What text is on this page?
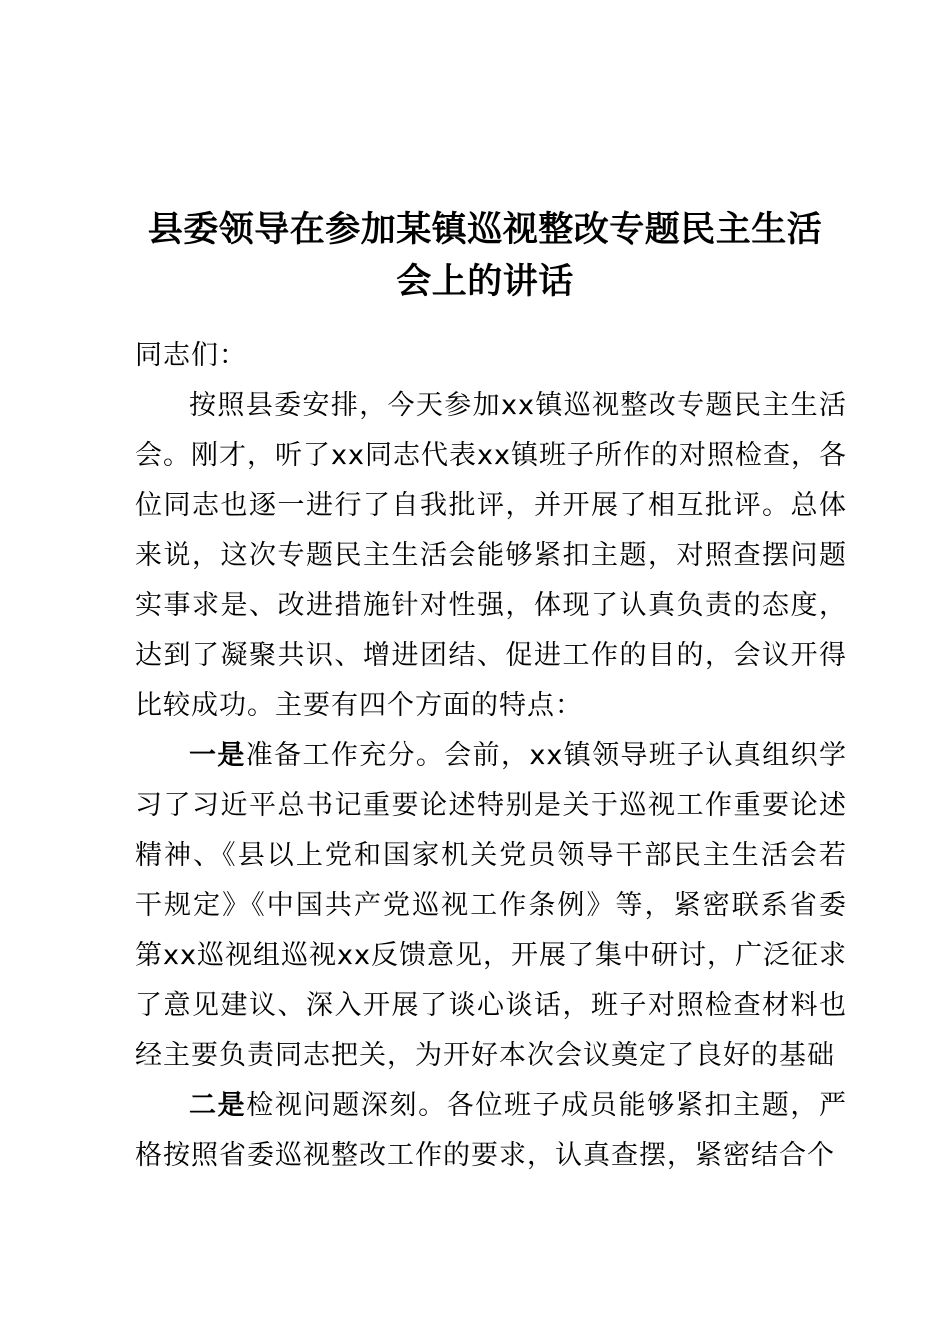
县委领导在参加某镇巡视整改专题民主生活
会上的讲话

同志们：

按照县委安排，今天参加xx镇巡视整改专题民主生活会。刚才，听了xx同志代表xx镇班子所作的对照检查，各位同志也逐一进行了自我批评，并开展了相互批评。总体来说，这次专题民主生活会能够紧扣主题，对照查摆问题实事求是、改进措施针对性强，体现了认真负责的态度，达到了凝聚共识、增进团结、促进工作的目的，会议开得比较成功。主要有四个方面的特点：

一是准备工作充分。会前，xx镇领导班子认真组织学习了习近平总书记重要论述特别是关于巡视工作重要论述精神、《县以上党和国家机关党员领导干部民主生活会若干规定》《中国共产党巡视工作条例》等，紧密联系省委第xx巡视组巡视xx反馈意见，开展了集中研讨，广泛征求了意见建议、深入开展了谈心谈话，班子对照检查材料也经主要负责同志把关，为开好本次会议奠定了良好的基础

二是检视问题深刻。各位班子成员能够紧扣主题，严格按照省委巡视整改工作的要求，认真查摆，紧密结合个
